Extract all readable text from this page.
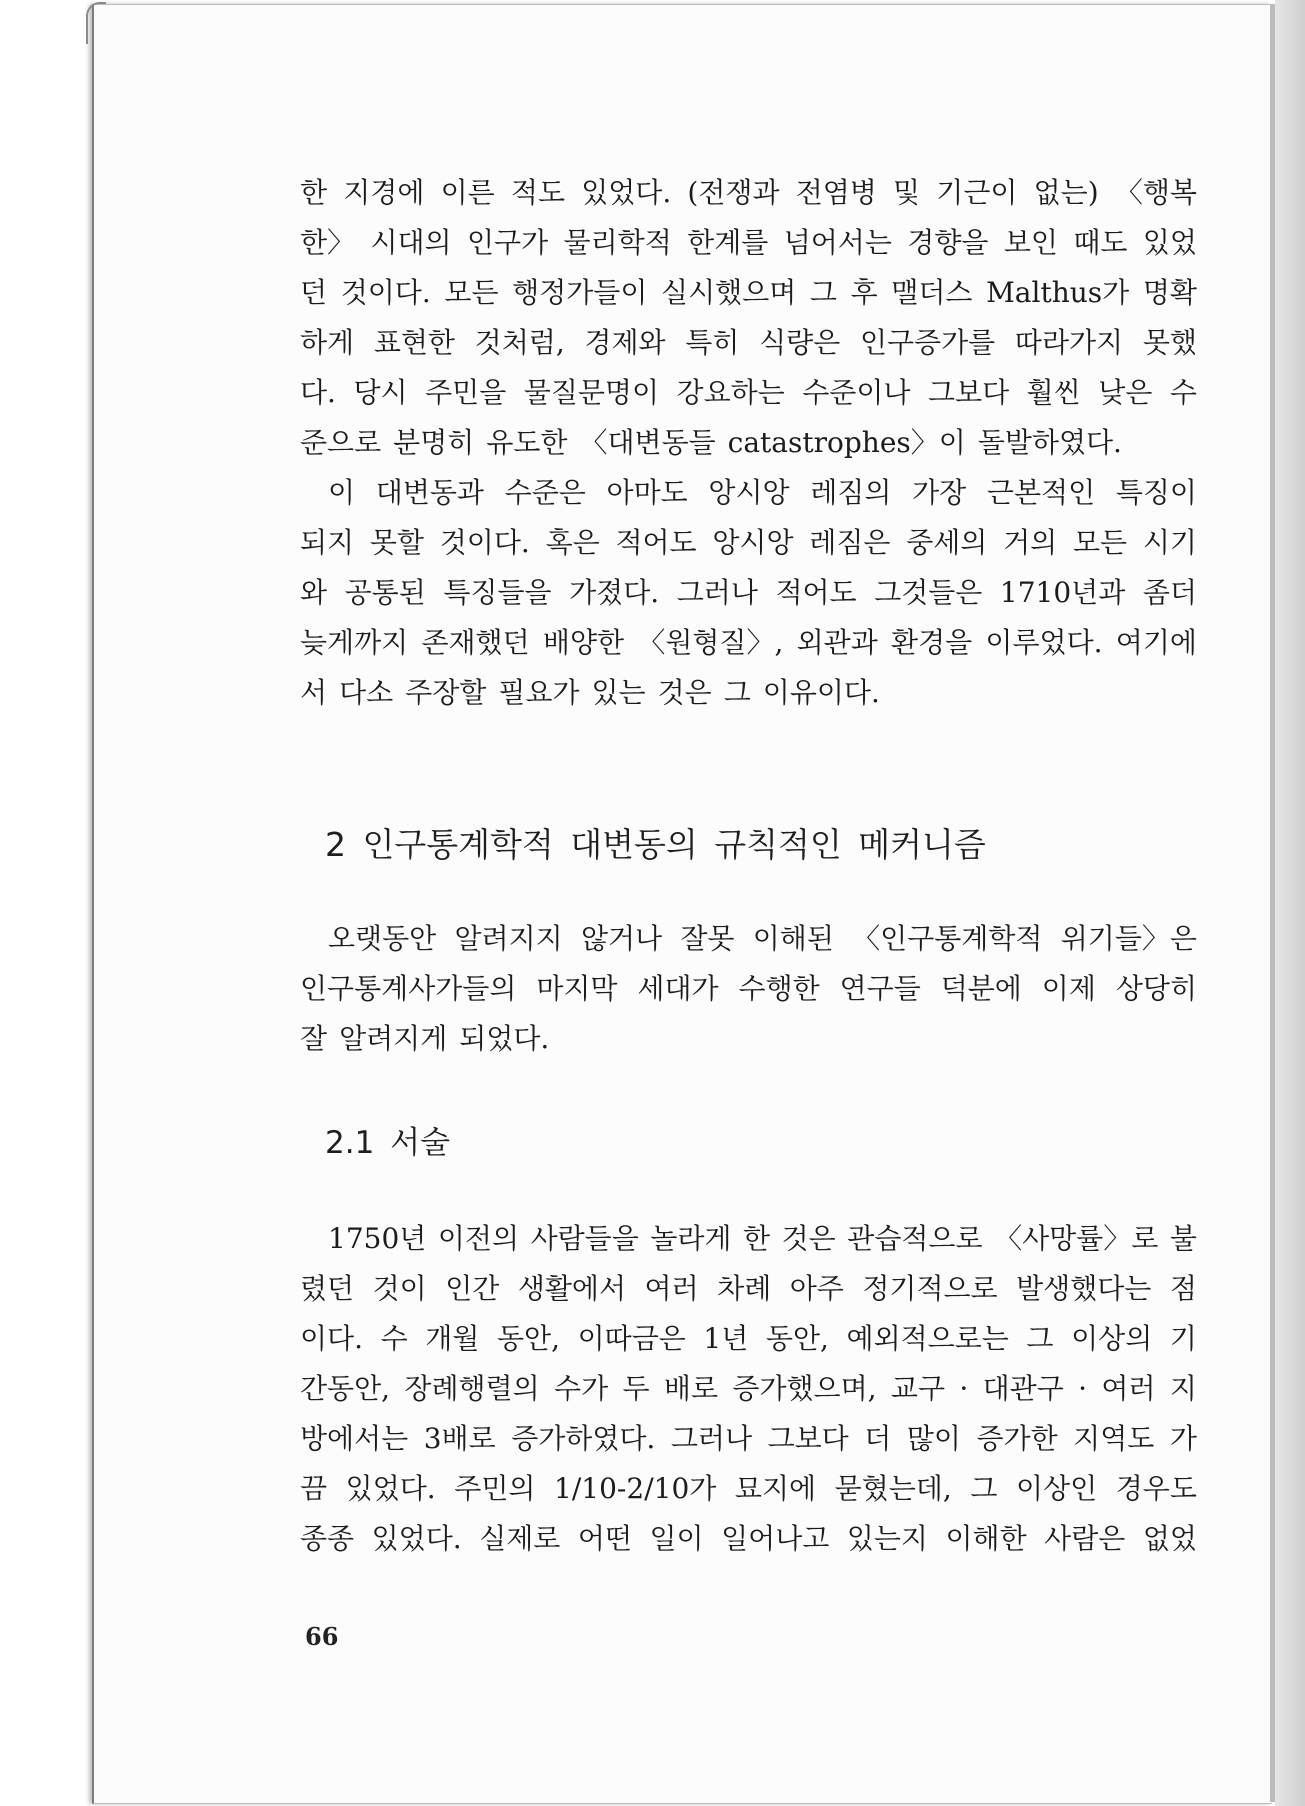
한 지경에 이른 적도 있었다. (전쟁과 전염병 및 기근이 없는) 〈행복
한〉 시대의 인구가 물리학적 한계를 넘어서는 경향을 보인 때도 있었
던 것이다. 모든 행정가들이 실시했으며 그 후 맬더스 Malthus가 명확
하게 표현한 것처럼, 경제와 특히 식량은 인구증가를 따라가지 못했
다. 당시 주민을 물질문명이 강요하는 수준이나 그보다 훨씬 낮은 수
준으로 분명히 유도한 〈대변동들 catastrophes〉이 돌발하였다.
이 대변동과 수준은 아마도 앙시앙 레짐의 가장 근본적인 특징이
되지 못할 것이다. 혹은 적어도 앙시앙 레짐은 중세의 거의 모든 시기
와 공통된 특징들을 가졌다. 그러나 적어도 그것들은 1710년과 좀더
늦게까지 존재했던 배양한 〈원형질〉, 외관과 환경을 이루었다. 여기에
서 다소 주장할 필요가 있는 것은 그 이유이다.
2 인구통계학적 대변동의 규칙적인 메커니즘
오랫동안 알려지지 않거나 잘못 이해된 〈인구통계학적 위기들〉은
인구통계사가들의 마지막 세대가 수행한 연구들 덕분에 이제 상당히
잘 알려지게 되었다.
2.1 서술
1750년 이전의 사람들을 놀라게 한 것은 관습적으로 〈사망률〉로 불
렸던 것이 인간 생활에서 여러 차례 아주 정기적으로 발생했다는 점
이다. 수 개월 동안, 이따금은 1년 동안, 예외적으로는 그 이상의 기
간동안, 장례행렬의 수가 두 배로 증가했으며, 교구 · 대관구 · 여러 지
방에서는 3배로 증가하였다. 그러나 그보다 더 많이 증가한 지역도 가
끔 있었다. 주민의 1/10-2/10가 묘지에 묻혔는데, 그 이상인 경우도
종종 있었다. 실제로 어떤 일이 일어나고 있는지 이해한 사람은 없었
66
